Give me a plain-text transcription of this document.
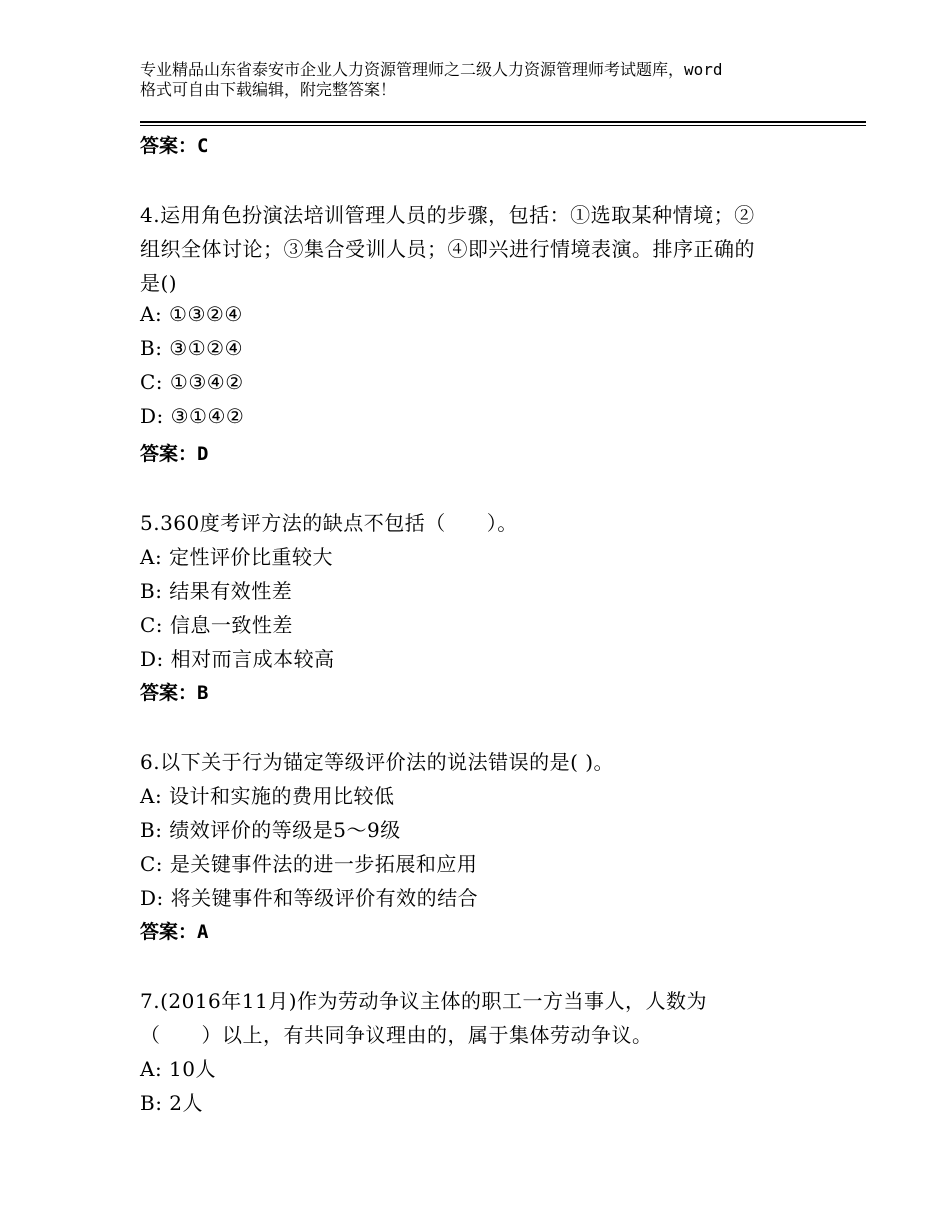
专业精品山东省泰安市企业人力资源管理师之二级人力资源管理师考试题库，word
格式可自由下载编辑，附完整答案！
答案：C
4.运用角色扮演法培训管理人员的步骤，包括：①选取某种情境；②
组织全体讨论；③集合受训人员；④即兴进行情境表演。排序正确的
是()
A: ①③②④
B: ③①②④
C: ①③④②
D: ③①④②
答案：D
5.360度考评方法的缺点不包括（　　）。
A: 定性评价比重较大
B: 结果有效性差
C: 信息一致性差
D: 相对而言成本较高
答案：B
6.以下关于行为锚定等级评价法的说法错误的是( )。
A: 设计和实施的费用比较低
B: 绩效评价的等级是5～9级
C: 是关键事件法的进一步拓展和应用
D: 将关键事件和等级评价有效的结合
答案：A
7.(2016年11月)作为劳动争议主体的职工一方当事人，人数为
（　　）以上，有共同争议理由的，属于集体劳动争议。
A: 10人
B: 2人
